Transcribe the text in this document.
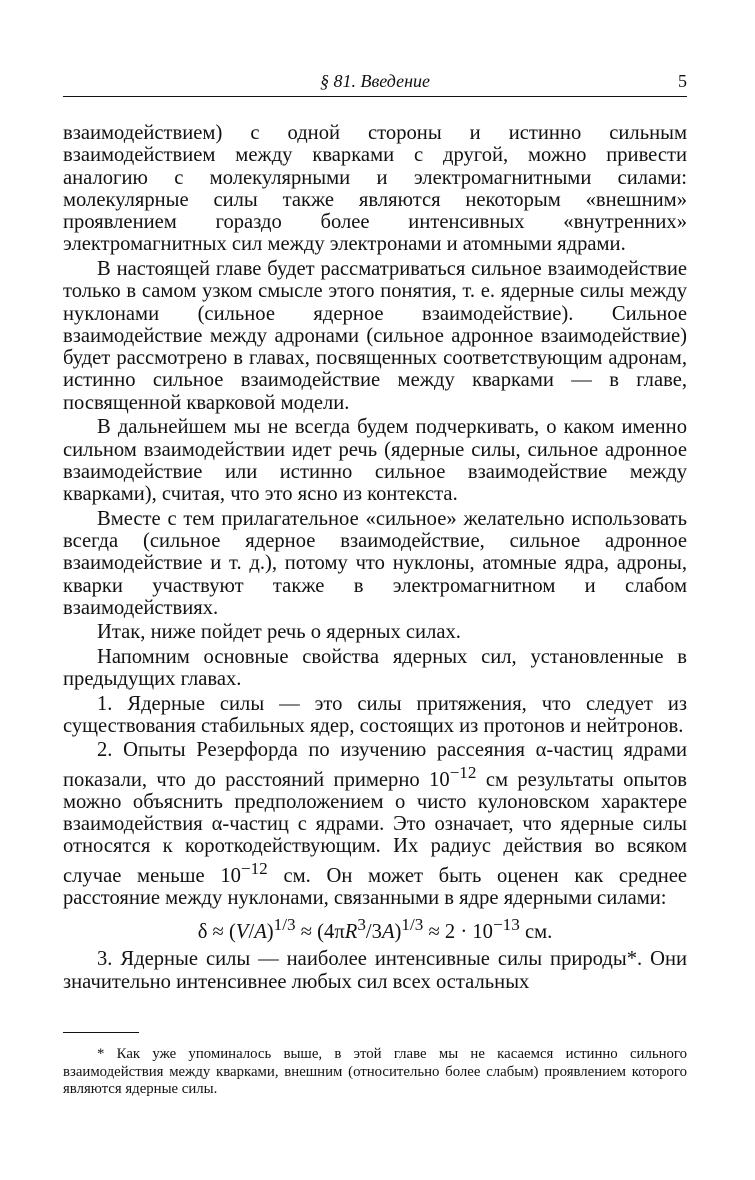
§ 81. Введение	5

взаимодействием) с одной стороны и истинно сильным взаимодействием между кварками с другой, можно привести аналогию с молекулярными и электромагнитными силами: молекулярные силы также являются некоторым «внешним» проявлением гораздо более интенсивных «внутренних» электромагнитных сил между электронами и атомными ядрами.

В настоящей главе будет рассматриваться сильное взаимодействие только в самом узком смысле этого понятия, т. е. ядерные силы между нуклонами (сильное ядерное взаимодействие). Сильное взаимодействие между адронами (сильное адронное взаимодействие) будет рассмотрено в главах, посвященных соответствующим адронам, истинно сильное взаимодействие между кварками — в главе, посвященной кварковой модели.

В дальнейшем мы не всегда будем подчеркивать, о каком именно сильном взаимодействии идет речь (ядерные силы, сильное адронное взаимодействие или истинно сильное взаимодействие между кварками), считая, что это ясно из контекста.

Вместе с тем прилагательное «сильное» желательно использовать всегда (сильное ядерное взаимодействие, сильное адронное взаимодействие и т. д.), потому что нуклоны, атомные ядра, адроны, кварки участвуют также в электромагнитном и слабом взаимодействиях.

Итак, ниже пойдет речь о ядерных силах.

Напомним основные свойства ядерных сил, установленные в предыдущих главах.

1. Ядерные силы — это силы притяжения, что следует из существования стабильных ядер, состоящих из протонов и нейтронов.

2. Опыты Резерфорда по изучению рассеяния α-частиц ядрами показали, что до расстояний примерно $10^{-12}$ см результаты опытов можно объяснить предположением о чисто кулоновском характере взаимодействия α-частиц с ядрами. Это означает, что ядерные силы относятся к короткодействующим. Их радиус действия во всяком случае меньше $10^{-12}$ см. Он может быть оценен как среднее расстояние между нуклонами, связанными в ядре ядерными силами:

$\delta \approx (V/A)^{1/3} \approx (4\pi R^3/3A)^{1/3} \approx 2 \cdot 10^{-13}$ см.

3. Ядерные силы — наиболее интенсивные силы природы*. Они значительно интенсивнее любых сил всех остальных

* Как уже упоминалось выше, в этой главе мы не касаемся истинно сильного взаимодействия между кварками, внешним (относительно более слабым) проявлением которого являются ядерные силы.
